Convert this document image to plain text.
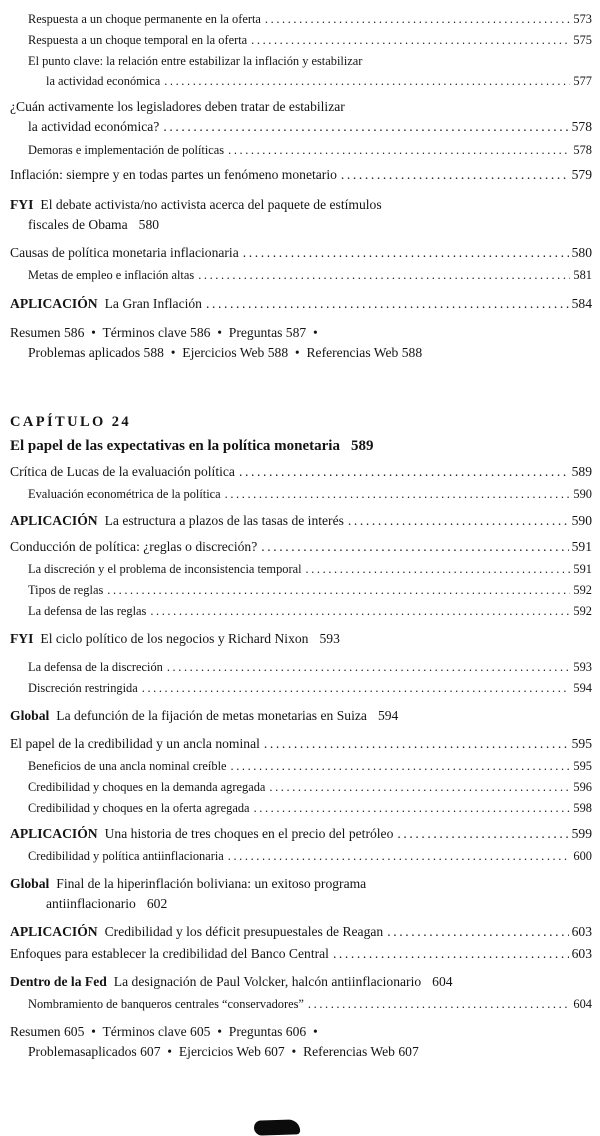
Respuesta a un choque permanente en la oferta .....	573
Respuesta a un choque temporal en la oferta .....	575
El punto clave: la relación entre estabilizar la inflación y estabilizar
la actividad económica .....	577
¿Cuán activamente los legisladores deben tratar de estabilizar
la actividad económica? .....	578
Demoras e implementación de políticas .....	578
Inflación: siempre y en todas partes un fenómeno monetario .....	579
FYI El debate activista/no activista acerca del paquete de estímulos
fiscales de Obama 580
Causas de política monetaria inflacionaria .....	580
Metas de empleo e inflación altas .....	581
APLICACIÓN La Gran Inflación .....	584
Resumen 586  •  Términos clave 586  •  Preguntas 587  •
Problemas aplicados 588  •  Ejercicios Web 588  •  Referencias Web 588
CAPÍTULO 24
El papel de las expectativas en la política monetaria 589
Crítica de Lucas de la evaluación política .....	589
Evaluación econométrica de la política .....	590
APLICACIÓN La estructura a plazos de las tasas de interés .....	590
Conducción de política: ¿reglas o discreción? .....	591
La discreción y el problema de inconsistencia temporal .....	591
Tipos de reglas .....	592
La defensa de las reglas .....	592
FYI El ciclo político de los negocios y Richard Nixon 593
La defensa de la discreción .....	593
Discreción restringida .....	594
Global La defunción de la fijación de metas monetarias en Suiza 594
El papel de la credibilidad y un ancla nominal .....	595
Beneficios de una ancla nominal creíble .....	595
Credibilidad y choques en la demanda agregada .....	596
Credibilidad y choques en la oferta agregada .....	598
APLICACIÓN Una historia de tres choques en el precio del petróleo .....	599
Credibilidad y política antiinflacionaria .....	600
Global Final de la hiperinflación boliviana: un exitoso programa
antiinflacionario 602
APLICACIÓN Credibilidad y los déficit presupuestales de Reagan .....	603
Enfoques para establecer la credibilidad del Banco Central .....	603
Dentro de la Fed La designación de Paul Volcker, halcón antiinflacionario 604
Nombramiento de banqueros centrales “conservadores” .....	604
Resumen 605  •  Términos clave 605  •  Preguntas 606  •
Problemasaplicados 607  •  Ejercicios Web 607  •  Referencias Web 607
